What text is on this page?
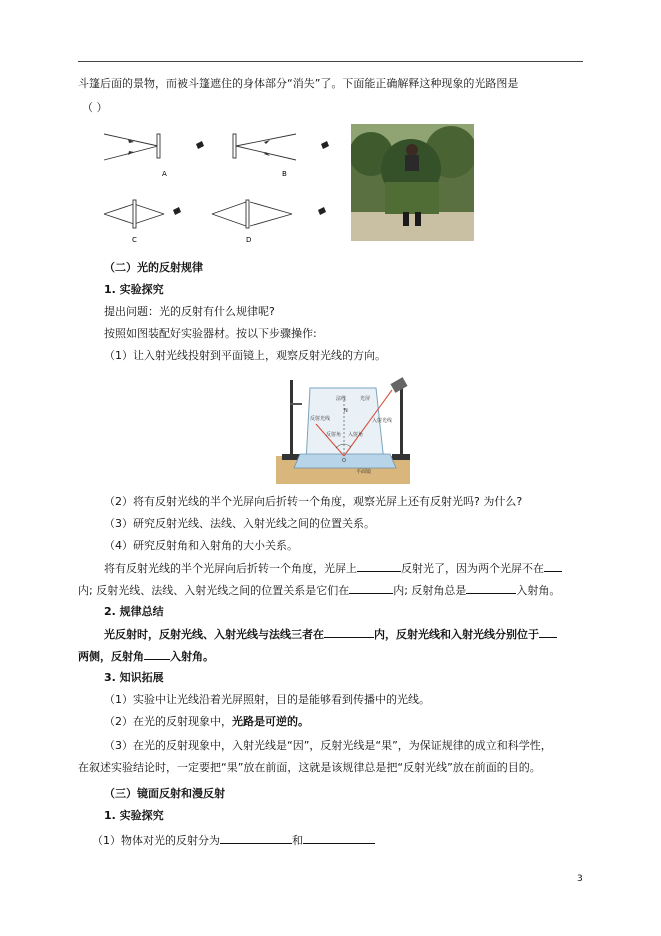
斗篷后面的景物，而被斗篷遮住的身体部分“消失”了。下面能正确解释这种现象的光路图是
（ ）
A	B
C	D
（二）光的反射规律
1. 实验探究
提出问题：光的反射有什么规律呢?
按照如图装配好实验器材。按以下步骤操作:
（1）让入射光线投射到平面镜上，观察反射光线的方向。
法线	光屏
N
反射光线	入射光线
反射角 入射角
O
平面镜
（2）将有反射光线的半个光屏向后折转一个角度，观察光屏上还有反射光吗? 为什么?
（3）研究反射光线、法线、入射光线之间的位置关系。
（4）研究反射角和入射角的大小关系。
将有反射光线的半个光屏向后折转一个角度，光屏上	反射光了，因为两个光屏不在
内; 反射光线、法线、入射光线之间的位置关系是它们在	内; 反射角总是	入射角。
2. 规律总结
光反射时，反射光线、入射光线与法线三者在	内，反射光线和入射光线分别位于
两侧，反射角 入射角。
3. 知识拓展
（1）实验中让光线沿着光屏照射，目的是能够看到传播中的光线。
（2）在光的反射现象中，光路是可逆的。
（3）在光的反射现象中，入射光线是“因”，反射光线是“果”，为保证规律的成立和科学性，
在叙述实验结论时，一定要把“果”放在前面，这就是该规律总是把“反射光线”放在前面的目的。
（三）镜面反射和漫反射
1. 实验探究
（1）物体对光的反射分为	和
3
